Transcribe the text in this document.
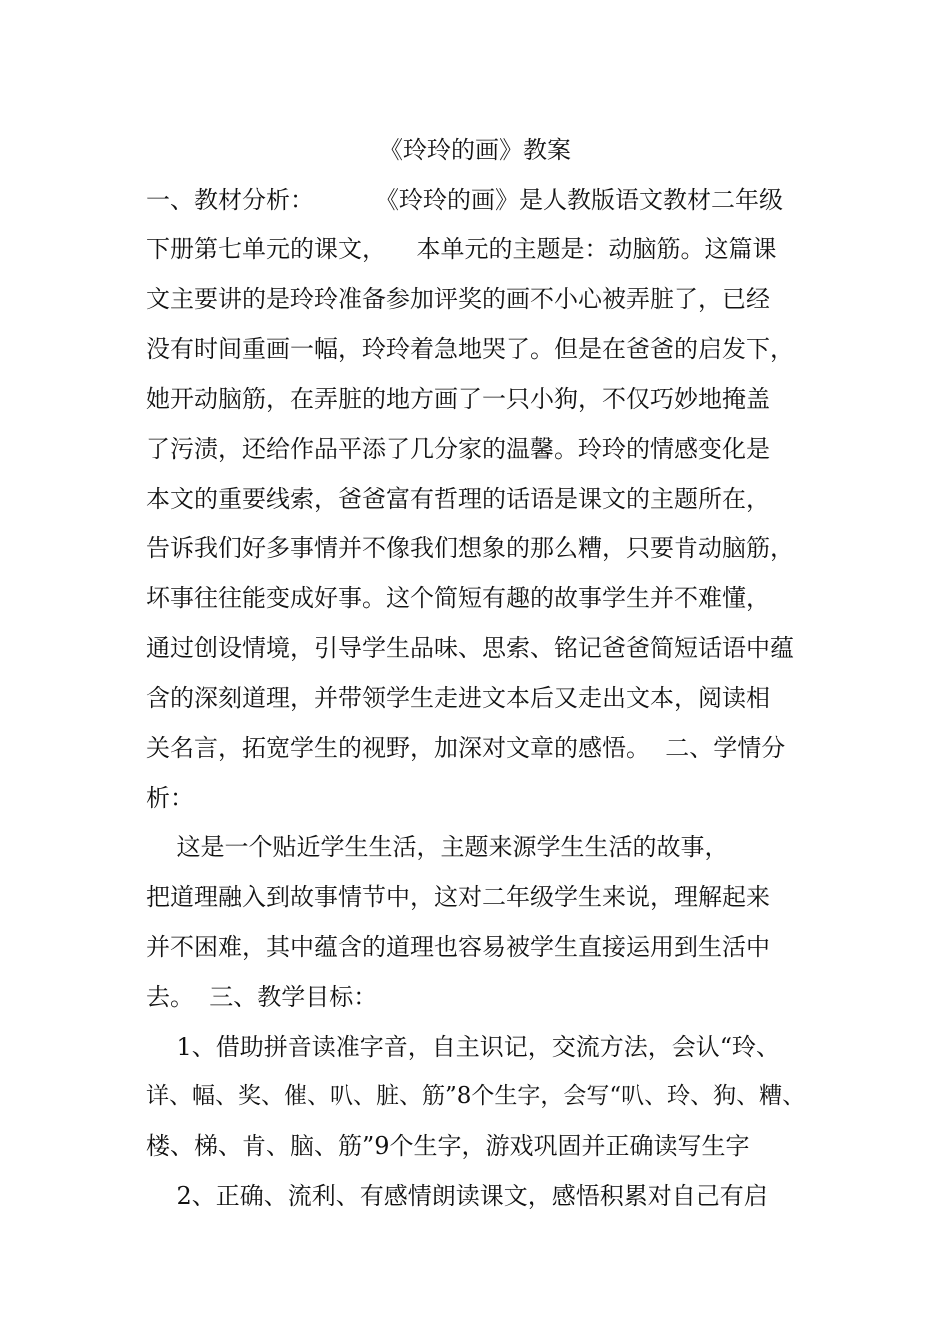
《玲玲的画》教案
一、教材分析：        《玲玲的画》是人教版语文教材二年级
下册第七单元的课文，    本单元的主题是：动脑筋。这篇课
文主要讲的是玲玲准备参加评奖的画不小心被弄脏了，已经
没有时间重画一幅，玲玲着急地哭了。但是在爸爸的启发下，
她开动脑筋，在弄脏的地方画了一只小狗，不仅巧妙地掩盖
了污渍，还给作品平添了几分家的温馨。玲玲的情感变化是
本文的重要线索，爸爸富有哲理的话语是课文的主题所在，
告诉我们好多事情并不像我们想象的那么糟，只要肯动脑筋，
坏事往往能变成好事。这个简短有趣的故事学生并不难懂，
通过创设情境，引导学生品味、思索、铭记爸爸简短话语中蕴
含的深刻道理，并带领学生走进文本后又走出文本，阅读相
关名言，拓宽学生的视野，加深对文章的感悟。  二、学情分
析：
这是一个贴近学生生活，主题来源学生生活的故事，
把道理融入到故事情节中，这对二年级学生来说，理解起来
并不困难，其中蕴含的道理也容易被学生直接运用到生活中
去。  三、教学目标：
1、借助拼音读准字音，自主识记，交流方法，会认“玲、
详、幅、奖、催、叭、脏、筋”8个生字，会写“叭、玲、狗、糟、
楼、梯、肯、脑、筋”9个生字，游戏巩固并正确读写生字
2、正确、流利、有感情朗读课文，感悟积累对自己有启
